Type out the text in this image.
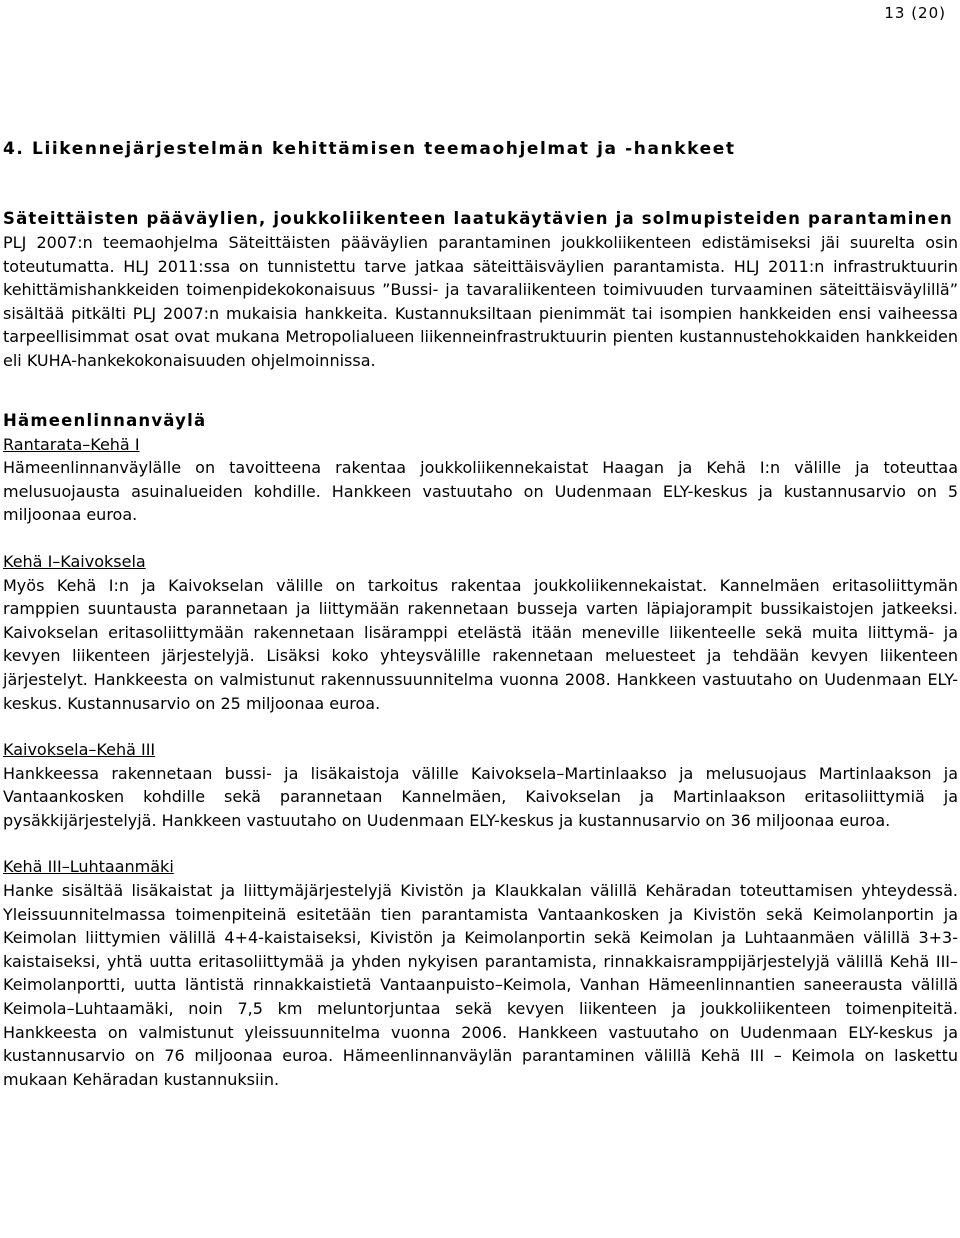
13 (20)
4. Liikennejärjestelmän kehittämisen teemaohjelmat ja -hankkeet
Säteittäisten pääväylien, joukkoliikenteen laatukäytävien ja solmupisteiden parantaminen

PLJ 2007:n teemaohjelma Säteittäisten pääväylien parantaminen joukkoliikenteen edistämiseksi jäi suurelta osin toteutumatta. HLJ 2011:ssa on tunnistettu tarve jatkaa säteittäisväylien parantamista. HLJ 2011:n infrastruktuurin kehittämishankkeiden toimenpidekokonaisuus ”Bussi- ja tavaraliikenteen toimivuuden turvaaminen säteittäisväylillä” sisältää pitkälti PLJ 2007:n mukaisia hankkeita. Kustannuksiltaan pienimmät tai isompien hankkeiden ensi vaiheessa tarpeellisimmat osat ovat mukana Metropolialueen liikenneinfrastruktuurin pienten kustannustehokkaiden hankkeiden eli KUHA-hankekokonaisuuden ohjelmoinnissa.

Hämeenlinnanväylä

Rantarata–Kehä I

Hämeenlinnanväylälle on tavoitteena rakentaa joukkoliikennekaistat Haagan ja Kehä I:n välille ja toteuttaa melusuojausta asuinalueiden kohdille. Hankkeen vastuutaho on Uudenmaan ELY-keskus ja kustannusarvio on 5 miljoonaa euroa.

Kehä I–Kaivoksela

Myös Kehä I:n ja Kaivokselan välille on tarkoitus rakentaa joukkoliikennekaistat. Kannelmäen eritasoliittymän ramppien suuntausta parannetaan ja liittymään rakennetaan busseja varten läpiajorampit bussikaistojen jatkeeksi. Kaivokselan eritasoliittymään rakennetaan lisäramppi etelästä itään meneville liikenteelle sekä muita liittymä- ja kevyen liikenteen järjestelyjä. Lisäksi koko yhteysvälille rakennetaan meluesteet ja tehdään kevyen liikenteen järjestelyt. Hankkeesta on valmistunut rakennussuunnitelma vuonna 2008. Hankkeen vastuutaho on Uudenmaan ELY-keskus. Kustannusarvio on 25 miljoonaa euroa.

Kaivoksela–Kehä III

Hankkeessa rakennetaan bussi- ja lisäkaistoja välille Kaivoksela–Martinlaakso ja melusuojaus Martinlaakson ja Vantaankosken kohdille sekä parannetaan Kannelmäen, Kaivokselan ja Martinlaakson eritasoliittymiä ja pysäkkijärjestelyjä. Hankkeen vastuutaho on Uudenmaan ELY-keskus ja kustannusarvio on 36 miljoonaa euroa.

Kehä III–Luhtaanmäki

Hanke sisältää lisäkaistat ja liittymäjärjestelyjä Kivistön ja Klaukkalan välillä Kehäradan toteuttamisen yhteydessä. Yleissuunnitelmassa toimenpiteinä esitetään tien parantamista Vantaankosken ja Kivistön sekä Keimolanportin ja Keimolan liittymien välillä 4+4-kaistaiseksi, Kivistön ja Keimolanportin sekä Keimolan ja Luhtaanmäen välillä 3+3-kaistaiseksi, yhtä uutta eritasoliittymää ja yhden nykyisen parantamista, rinnakkaisramppijärjestelyjä välillä Kehä III–Keimolanportti, uutta läntistä rinnakkaistietä Vantaanpuisto–Keimola, Vanhan Hämeenlinnantien saneerausta välillä Keimola–Luhtaamäki, noin 7,5 km meluntorjuntaa sekä kevyen liikenteen ja joukkoliikenteen toimenpiteitä. Hankkeesta on valmistunut yleissuunnitelma vuonna 2006. Hankkeen vastuutaho on Uudenmaan ELY-keskus ja kustannusarvio on 76 miljoonaa euroa. Hämeenlinnanväylän parantaminen välillä Kehä III – Keimola on laskettu mukaan Kehäradan kustannuksiin.
